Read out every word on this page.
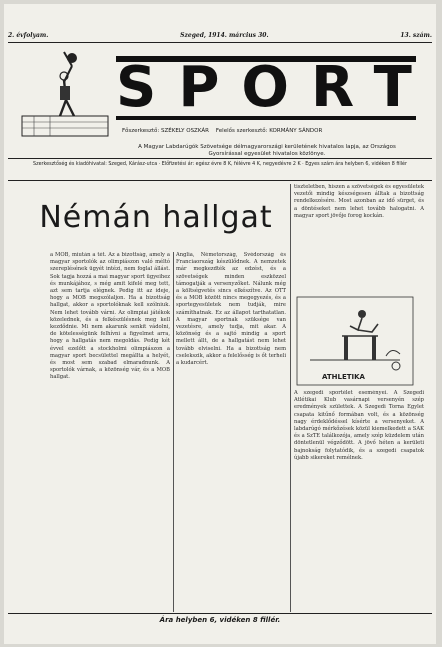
2. évfolyam.	Szeged, 1914. március 30.	13. szám.
SPORT
Főszerkesztő: SZÉKELY OSZKÁR Felelős szerkesztő: KORMÁNY SÁNDOR
A Magyar Labdarúgók Szövetsége délmagyarországi kerületének hivatalos lapja, az Országos Gyorsírással egyesület hivatalos közlönye.
Szerkesztőség és kiadóhivatal: Szeged, Kárász-utca · Előfizetési ár: egész évre 8 K, félévre 4 K, negyedévre 2 K · Egyes szám ára helyben 6, vidéken 8 fillér
Némán hallgat

a MOB, miután a tét. Az a bizottság, amely a magyar sportolók az olimpiászon való méltó szereplésének ügyét intézi, nem foglal állást. Sok tagja hozzá a mai magyar sport ügyeihez és munkájához, s még amit kifelé meg tett, azt sem tartja elégnek. Pedig itt az ideje, hogy a MOB megszólaljon. Ha a bizottság hallgat, akkor a sportolóknak kell szólniuk. Nem lehet tovább várni. Az olimpiai játékok közelednek, és a felkészülésnek meg kell kezdődnie. Mi nem akarunk senkit vádolni, de kötelességünk felhívni a figyelmet arra, hogy a hallgatás nem megoldás. Pedig két évvel ezelőtt a stockholmi olimpiászon a magyar sport becsülettel megállta a helyét, és most sem szabad elmaradnunk. A sportolók várnak, a közönség vár, és a MOB hallgat.

Anglia, Németország, Svédország és Franciaország készülődnek. A nemzetek már megkezdték az edzést, és a szövetségek minden eszközzel támogatják a versenyzőket. Nálunk még a költségvetés sincs elkészítve. Az OTT és a MOB között nincs megegyezés, és a sportegyesületek nem tudják, mire számíthatnak. Ez az állapot tarthatatlan. A magyar sportnak szüksége van vezetésre, amely tudja, mit akar. A közönség és a sajtó mindig a sport mellett állt, de a hallgatást nem lehet tovább elviselni. Ha a bizottság nem cselekszik, akkor a felelősség is őt terheli a kudarcért.

tiszteletben, hiszen a szövetségek és egyesületek vezetői mindig készségesen álltak a bizottság rendelkezésére. Most azonban az idő sürget, és a döntéseket nem lehet tovább halogatni. A magyar sport jövője forog kockán.

ATHLETIKA

A szegedi sportélet eseményei. A Szegedi Atlétikai Klub vasárnapi versenyén szép eredmények születtek. A Szegedi Torna Egylet csapata kitűnő formában volt, és a közönség nagy érdeklődéssel kísérte a versenyeket. A labdarúgó mérkőzések közül kiemelkedett a SAK és a SzTE találkozója, amely szép küzdelem után döntetlenül végződött. A jövő héten a kerületi bajnokság folytatódik, és a szegedi csapatok újabb sikereket remélnek.

Ára helyben 6, vidéken 8 fillér.
